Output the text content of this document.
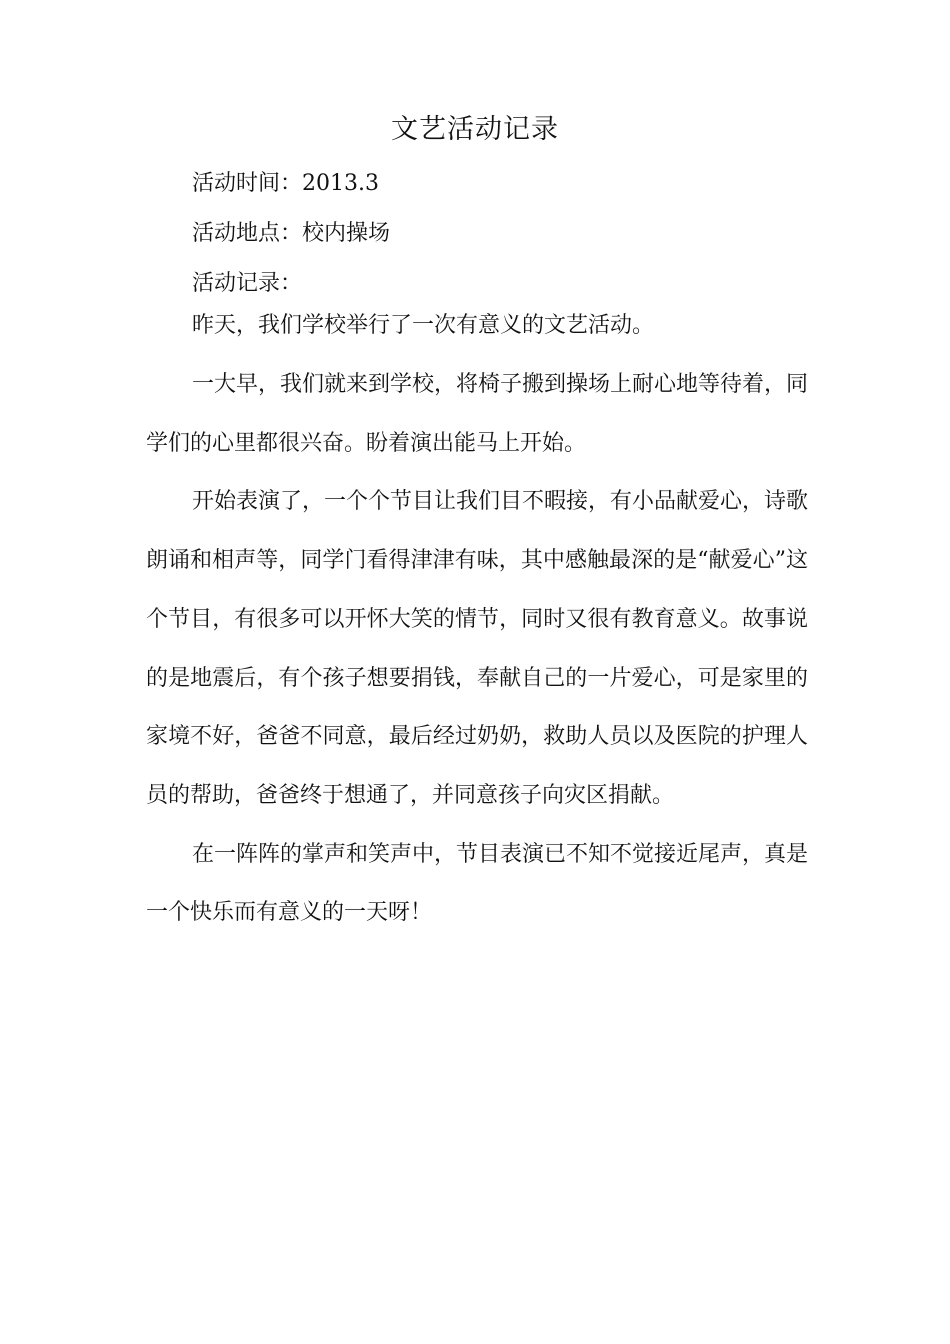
文艺活动记录
活动时间：2013.3
活动地点：校内操场
活动记录：
昨天，我们学校举行了一次有意义的文艺活动。

一大早，我们就来到学校，将椅子搬到操场上耐心地等待着，同学们的心里都很兴奋。盼着演出能马上开始。

开始表演了，一个个节目让我们目不暇接，有小品献爱心，诗歌朗诵和相声等，同学门看得津津有味，其中感触最深的是“献爱心”这个节目，有很多可以开怀大笑的情节，同时又很有教育意义。故事说的是地震后，有个孩子想要捐钱，奉献自己的一片爱心，可是家里的家境不好，爸爸不同意，最后经过奶奶，救助人员以及医院的护理人员的帮助，爸爸终于想通了，并同意孩子向灾区捐献。

在一阵阵的掌声和笑声中，节目表演已不知不觉接近尾声，真是一个快乐而有意义的一天呀！
